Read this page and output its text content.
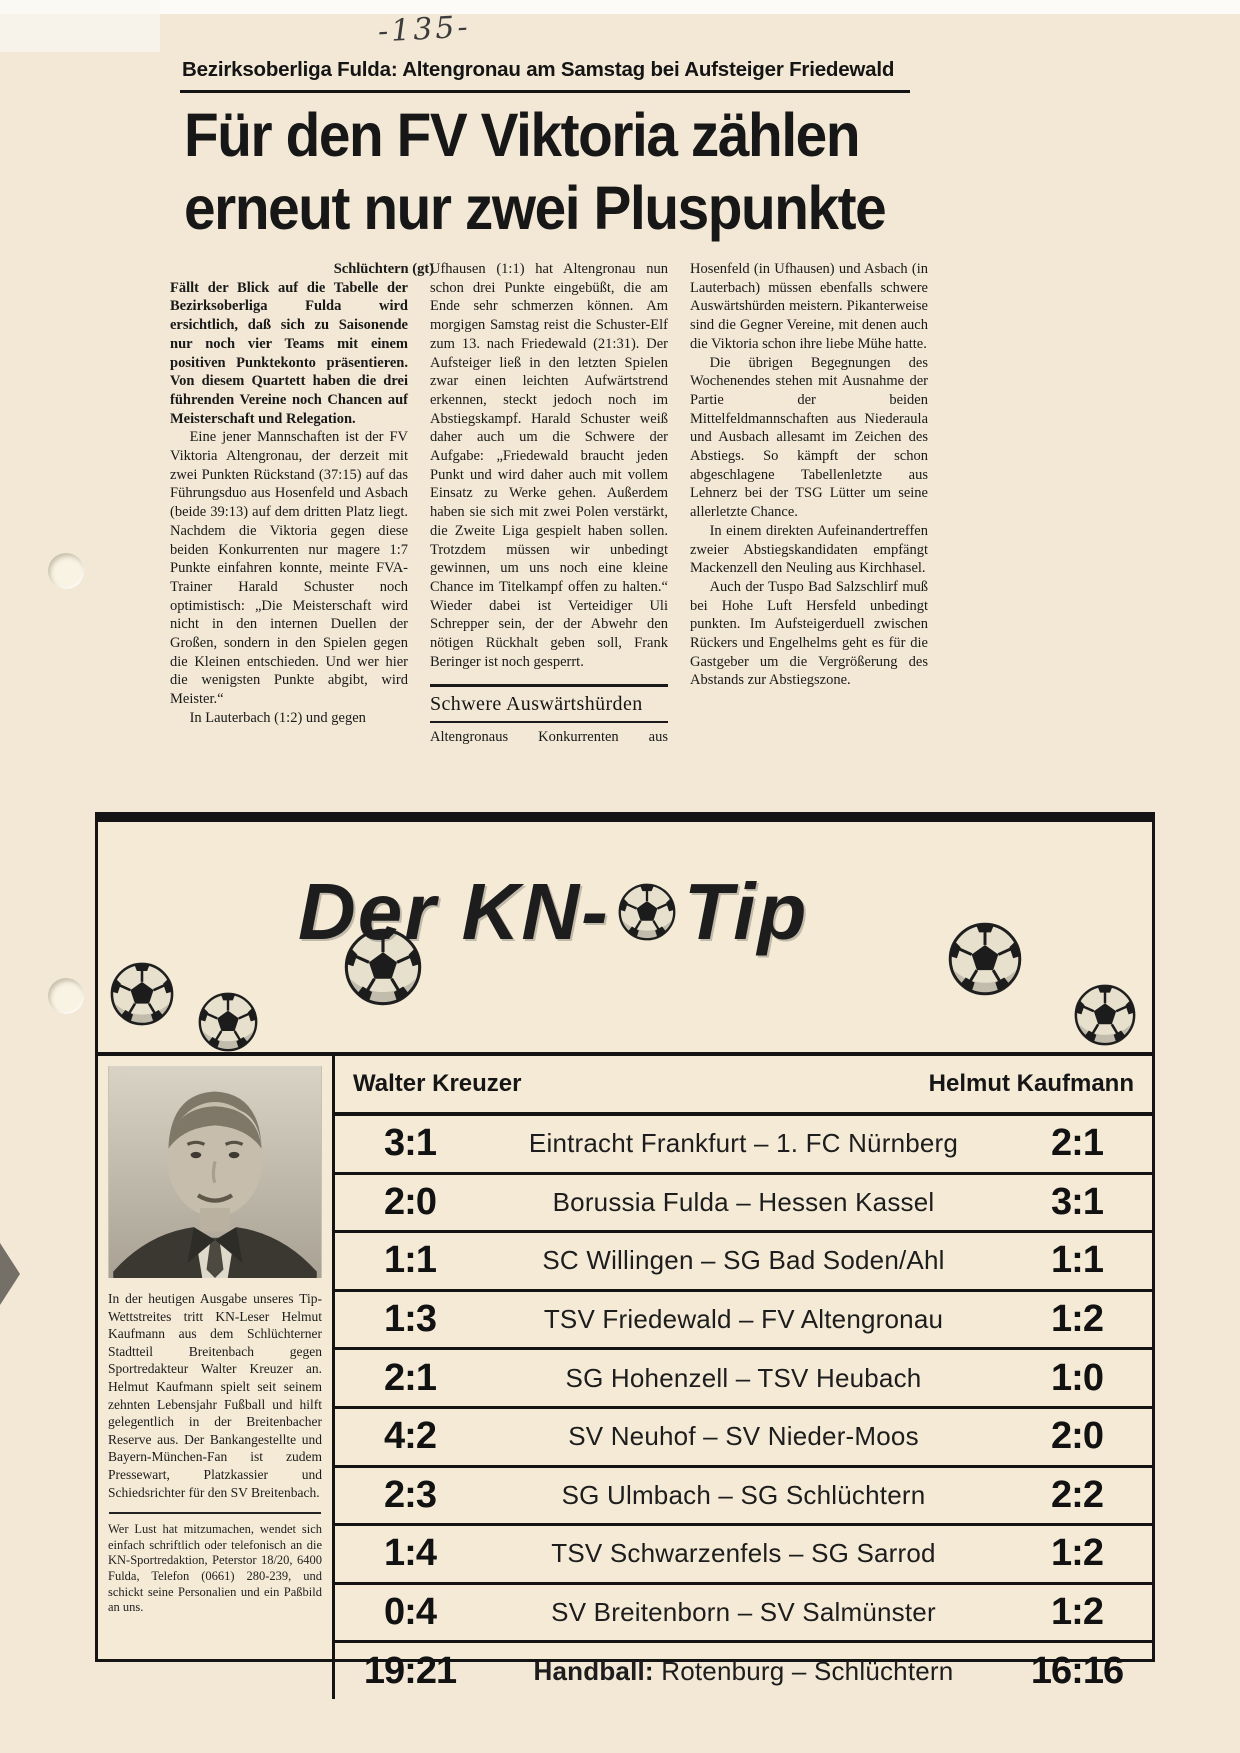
-135-
Bezirksoberliga Fulda: Altengronau am Samstag bei Aufsteiger Friedewald
Für den FV Viktoria zählen
erneut nur zwei Pluspunkte

Schlüchtern (gt)

Fällt der Blick auf die Tabelle der Bezirksoberliga Fulda wird ersichtlich, daß sich zu Saisonende nur noch vier Teams mit einem positiven Punktekonto präsentieren. Von diesem Quartett haben die drei führenden Vereine noch Chancen auf Meisterschaft und Relegation.

Eine jener Mannschaften ist der FV Viktoria Altengronau, der derzeit mit zwei Punkten Rückstand (37:15) auf das Führungsduo aus Hosenfeld und Asbach (beide 39:13) auf dem dritten Platz liegt. Nachdem die Viktoria gegen diese beiden Konkurrenten nur magere 1:7 Punkte einfahren konnte, meinte FVA-Trainer Harald Schuster noch optimistisch: „Die Meisterschaft wird nicht in den internen Duellen der Großen, sondern in den Spielen gegen die Kleinen entschieden. Und wer hier die wenigsten Punkte abgibt, wird Meister.“

In Lauterbach (1:2) und gegen

Ufhausen (1:1) hat Altengronau nun schon drei Punkte eingebüßt, die am Ende sehr schmerzen können. Am morgigen Samstag reist die Schuster-Elf zum 13. nach Friedewald (21:31). Der Aufsteiger ließ in den letzten Spielen zwar einen leichten Aufwärtstrend erkennen, steckt jedoch noch im Abstiegskampf. Harald Schuster weiß daher auch um die Schwere der Aufgabe: „Friedewald braucht jeden Punkt und wird daher auch mit vollem Einsatz zu Werke gehen. Außerdem haben sie sich mit zwei Polen verstärkt, die Zweite Liga gespielt haben sollen. Trotzdem müssen wir unbedingt gewinnen, um uns noch eine kleine Chance im Titelkampf offen zu halten.“ Wieder dabei ist Verteidiger Uli Schrepper sein, der der Abwehr den nötigen Rückhalt geben soll, Frank Beringer ist noch gesperrt.

Schwere Auswärtshürden

Altengronaus Konkurrenten aus

Hosenfeld (in Ufhausen) und Asbach (in Lauterbach) müssen ebenfalls schwere Auswärtshürden meistern. Pikanterweise sind die Gegner Vereine, mit denen auch die Viktoria schon ihre liebe Mühe hatte.

Die übrigen Begegnungen des Wochenendes stehen mit Ausnahme der Partie der beiden Mittelfeldmannschaften aus Niederaula und Ausbach allesamt im Zeichen des Abstiegs. So kämpft der schon abgeschlagene Tabellenletzte aus Lehnerz bei der TSG Lütter um seine allerletzte Chance.

In einem direkten Aufeinandertreffen zweier Abstiegskandidaten empfängt Mackenzell den Neuling aus Kirchhasel.

Auch der Tuspo Bad Salzschlirf muß bei Hohe Luft Hersfeld unbedingt punkten. Im Aufsteigerduell zwischen Rückers und Engelhelms geht es für die Gastgeber um die Vergrößerung des Abstands zur Abstiegszone.

Der KN- Tip

In der heutigen Ausgabe unseres Tip-Wettstreites tritt KN-Leser Helmut Kaufmann aus dem Schlüchterner Stadtteil Breitenbach gegen Sportredakteur Walter Kreuzer an. Helmut Kaufmann spielt seit seinem zehnten Lebensjahr Fußball und hilft gelegentlich in der Breitenbacher Reserve aus. Der Bankangestellte und Bayern-München-Fan ist zudem Pressewart, Platzkassier und Schiedsrichter für den SV Breitenbach.

Wer Lust hat mitzumachen, wendet sich einfach schriftlich oder telefonisch an die KN-Sportredaktion, Peterstor 18/20, 6400 Fulda, Telefon (0661) 280-239, und schickt seine Personalien und ein Paßbild an uns.

Walter Kreuzer	Helmut Kaufmann
3:1	Eintracht Frankfurt – 1. FC Nürnberg	2:1
2:0	Borussia Fulda – Hessen Kassel	3:1
1:1	SC Willingen – SG Bad Soden/Ahl	1:1
1:3	TSV Friedewald – FV Altengronau	1:2
2:1	SG Hohenzell – TSV Heubach	1:0
4:2	SV Neuhof – SV Nieder-Moos	2:0
2:3	SG Ulmbach – SG Schlüchtern	2:2
1:4	TSV Schwarzenfels – SG Sarrod	1:2
0:4	SV Breitenborn – SV Salmünster	1:2
19:21	Handball: Rotenburg – Schlüchtern	16:16
